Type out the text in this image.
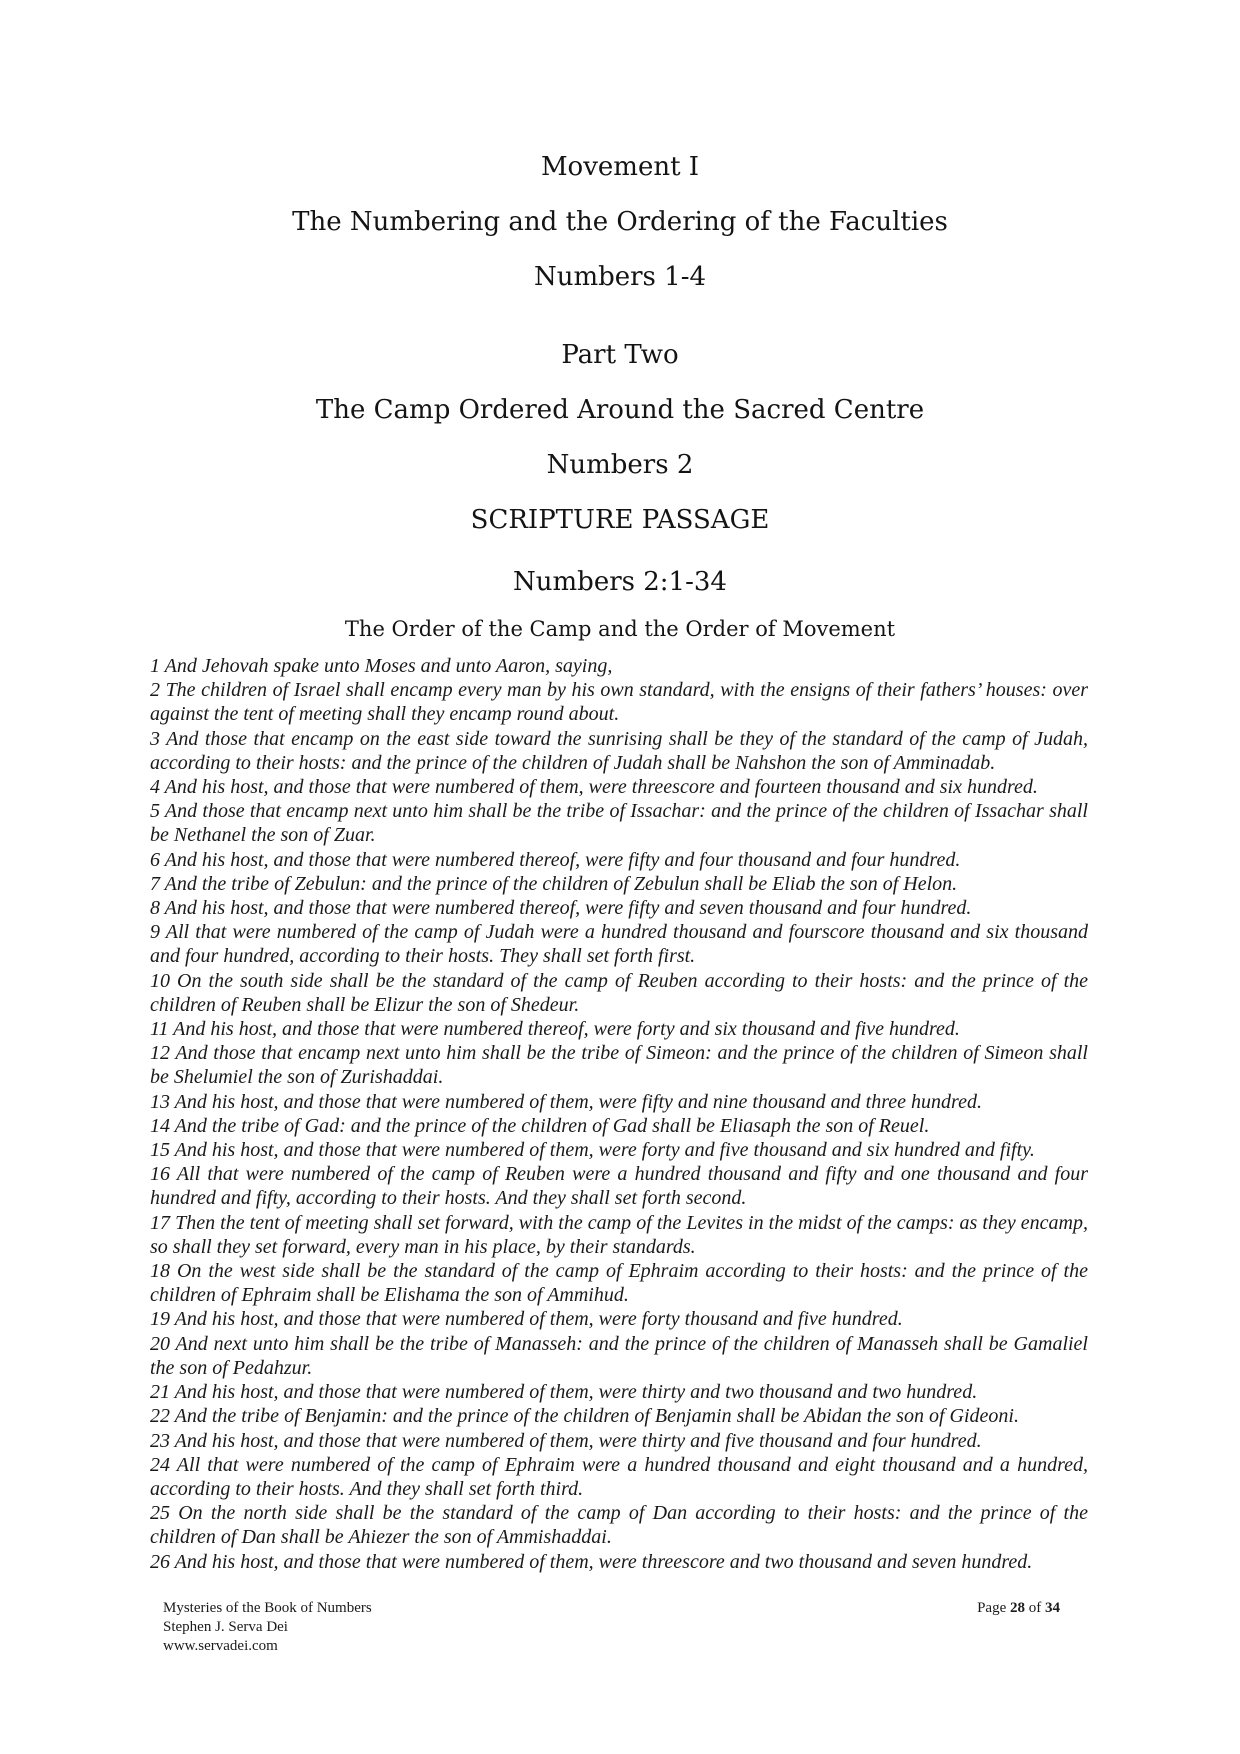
Movement I
The Numbering and the Ordering of the Faculties
Numbers 1-4
Part Two
The Camp Ordered Around the Sacred Centre
Numbers 2
SCRIPTURE PASSAGE
Numbers 2:1-34
The Order of the Camp and the Order of Movement
1 And Jehovah spake unto Moses and unto Aaron, saying,
2 The children of Israel shall encamp every man by his own standard, with the ensigns of their fathers’ houses: over against the tent of meeting shall they encamp round about.
3 And those that encamp on the east side toward the sunrising shall be they of the standard of the camp of Judah, according to their hosts: and the prince of the children of Judah shall be Nahshon the son of Amminadab.
4 And his host, and those that were numbered of them, were threescore and fourteen thousand and six hundred.
5 And those that encamp next unto him shall be the tribe of Issachar: and the prince of the children of Issachar shall be Nethanel the son of Zuar.
6 And his host, and those that were numbered thereof, were fifty and four thousand and four hundred.
7 And the tribe of Zebulun: and the prince of the children of Zebulun shall be Eliab the son of Helon.
8 And his host, and those that were numbered thereof, were fifty and seven thousand and four hundred.
9 All that were numbered of the camp of Judah were a hundred thousand and fourscore thousand and six thousand and four hundred, according to their hosts. They shall set forth first.
10 On the south side shall be the standard of the camp of Reuben according to their hosts: and the prince of the children of Reuben shall be Elizur the son of Shedeur.
11 And his host, and those that were numbered thereof, were forty and six thousand and five hundred.
12 And those that encamp next unto him shall be the tribe of Simeon: and the prince of the children of Simeon shall be Shelumiel the son of Zurishaddai.
13 And his host, and those that were numbered of them, were fifty and nine thousand and three hundred.
14 And the tribe of Gad: and the prince of the children of Gad shall be Eliasaph the son of Reuel.
15 And his host, and those that were numbered of them, were forty and five thousand and six hundred and fifty.
16 All that were numbered of the camp of Reuben were a hundred thousand and fifty and one thousand and four hundred and fifty, according to their hosts. And they shall set forth second.
17 Then the tent of meeting shall set forward, with the camp of the Levites in the midst of the camps: as they encamp, so shall they set forward, every man in his place, by their standards.
18 On the west side shall be the standard of the camp of Ephraim according to their hosts: and the prince of the children of Ephraim shall be Elishama the son of Ammihud.
19 And his host, and those that were numbered of them, were forty thousand and five hundred.
20 And next unto him shall be the tribe of Manasseh: and the prince of the children of Manasseh shall be Gamaliel the son of Pedahzur.
21 And his host, and those that were numbered of them, were thirty and two thousand and two hundred.
22 And the tribe of Benjamin: and the prince of the children of Benjamin shall be Abidan the son of Gideoni.
23 And his host, and those that were numbered of them, were thirty and five thousand and four hundred.
24 All that were numbered of the camp of Ephraim were a hundred thousand and eight thousand and a hundred, according to their hosts. And they shall set forth third.
25 On the north side shall be the standard of the camp of Dan according to their hosts: and the prince of the children of Dan shall be Ahiezer the son of Ammishaddai.
26 And his host, and those that were numbered of them, were threescore and two thousand and seven hundred.
Mysteries of the Book of Numbers
Stephen J. Serva Dei
www.servadei.com
Page 28 of 34
